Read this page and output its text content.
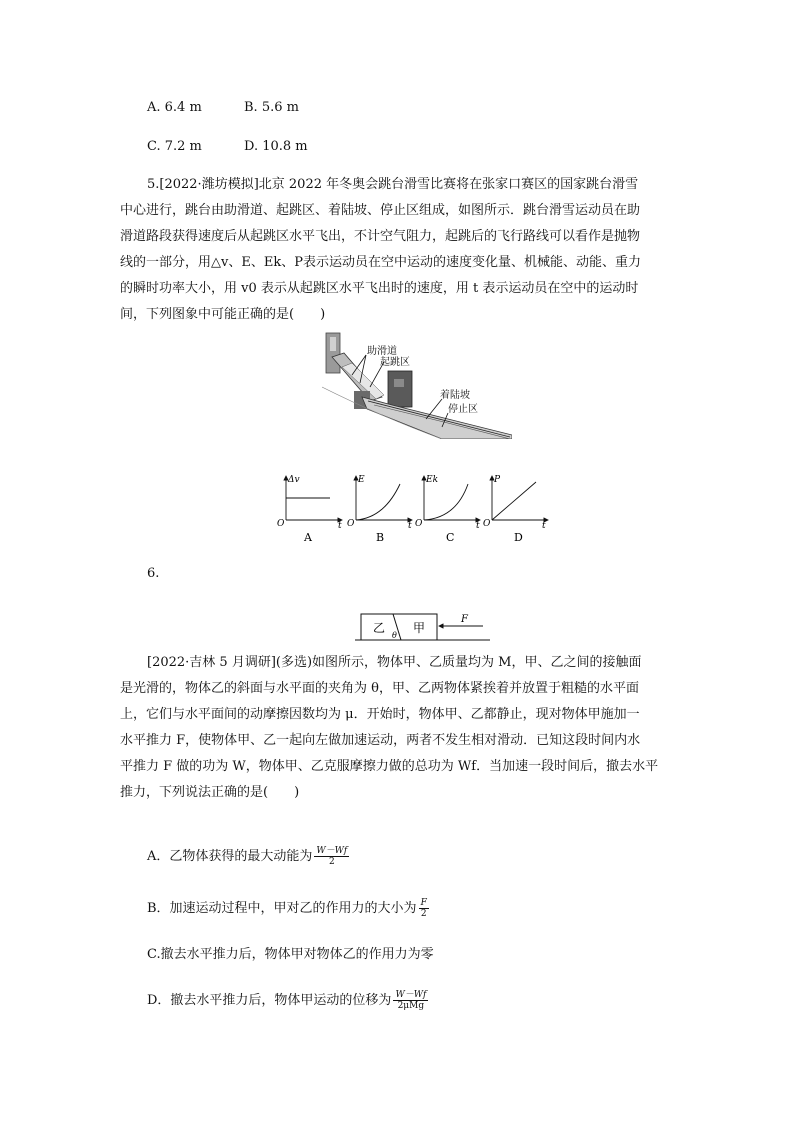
A. 6.4 m	B. 5.6 m
C. 7.2 m	D. 10.8 m
5.[2022·潍坊模拟]北京 2022 年冬奥会跳台滑雪比赛将在张家口赛区的国家跳台滑雪
中心进行，跳台由助滑道、起跳区、着陆坡、停止区组成，如图所示．跳台滑雪运动员在助
滑道路段获得速度后从起跳区水平飞出，不计空气阻力，起跳后的飞行路线可以看作是抛物
线的一部分，用△v、E、Ek、P表示运动员在空中运动的速度变化量、机械能、动能、重力
的瞬时功率大小，用 v0 表示从起跳区水平飞出时的速度，用 t 表示运动员在空中的运动时
间，下列图象中可能正确的是(　　)
助滑道
起跳区
着陆坡
停止区
Δv
O	t
A
E
O	t
B
Ek
O	t
C
P
O	t
D
6.
乙 甲
θ
F
[2022·吉林 5 月调研](多选)如图所示，物体甲、乙质量均为 M，甲、乙之间的接触面
是光滑的，物体乙的斜面与水平面的夹角为 θ，甲、乙两物体紧挨着并放置于粗糙的水平面
上，它们与水平面间的动摩擦因数均为 μ．开始时，物体甲、乙都静止，现对物体甲施加一
水平推力 F，使物体甲、乙一起向左做加速运动，两者不发生相对滑动．已知这段时间内水
平推力 F 做的功为 W，物体甲、乙克服摩擦力做的总功为 Wf．当加速一段时间后，撤去水平
推力，下列说法正确的是(　　)
A．乙物体获得的最大动能为 $\frac{W-Wf}{2}$
B．加速运动过程中，甲对乙的作用力的大小为 $\frac{F}{2}$
C.撤去水平推力后，物体甲对物体乙的作用力为零
D．撤去水平推力后，物体甲运动的位移为 $\frac{W-Wf}{\text{2μMg}}$
